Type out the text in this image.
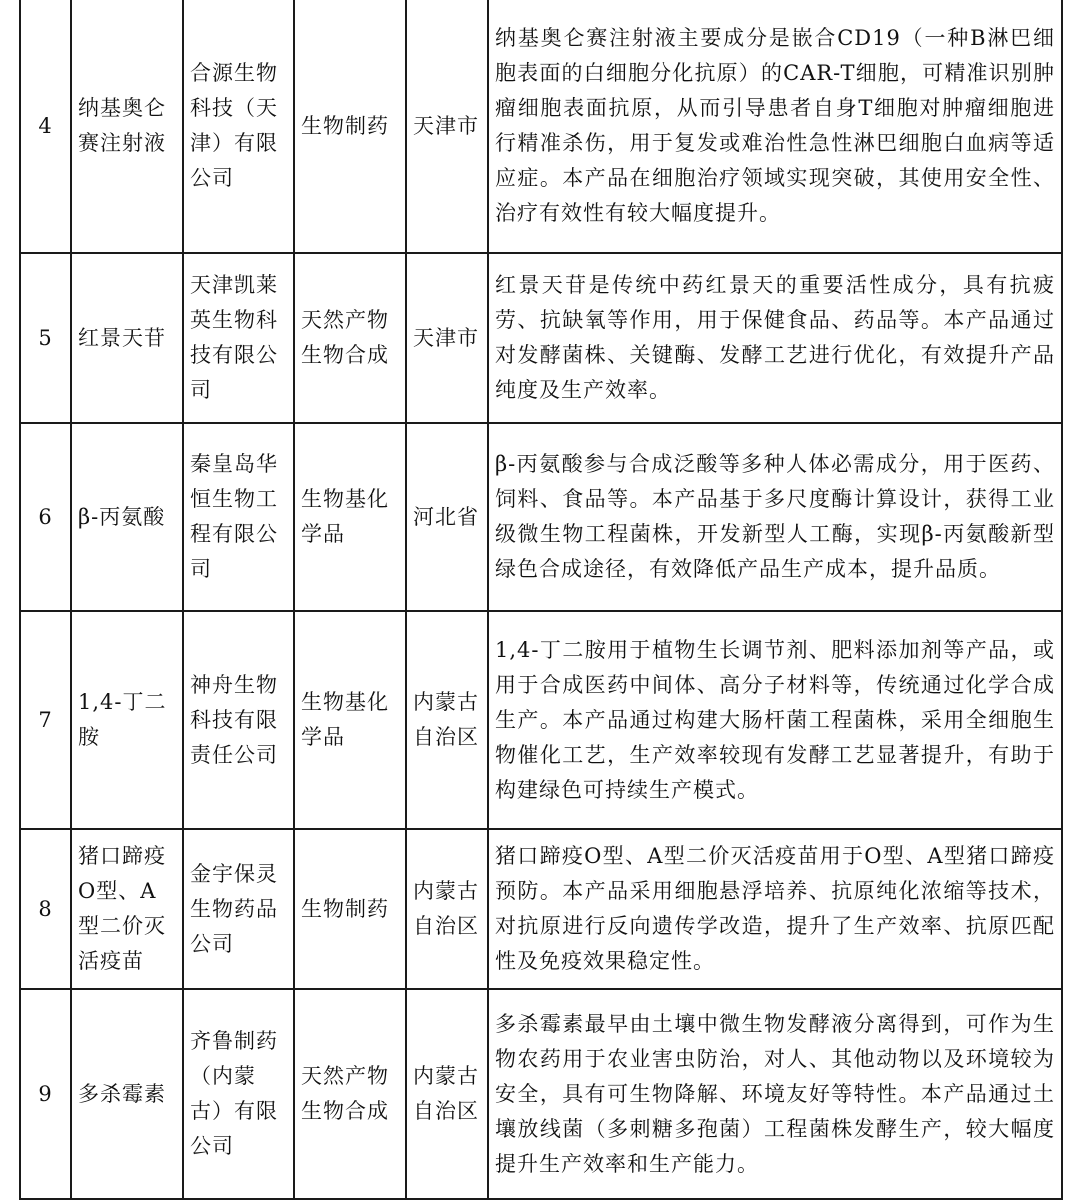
4	纳基奥仑赛注射液	合源生物科技（天津）有限公司	生物制药	天津市	纳基奥仑赛注射液主要成分是嵌合CD19（一种B淋巴细胞表面的白细胞分化抗原）的CAR-T细胞，可精准识别肿瘤细胞表面抗原，从而引导患者自身T细胞对肿瘤细胞进行精准杀伤，用于复发或难治性急性淋巴细胞白血病等适应症。本产品在细胞治疗领域实现突破，其使用安全性、治疗有效性有较大幅度提升。
5	红景天苷	天津凯莱英生物科技有限公司	天然产物生物合成	天津市	红景天苷是传统中药红景天的重要活性成分，具有抗疲劳、抗缺氧等作用，用于保健食品、药品等。本产品通过对发酵菌株、关键酶、发酵工艺进行优化，有效提升产品纯度及生产效率。
6	β-丙氨酸	秦皇岛华恒生物工程有限公司	生物基化学品	河北省	β-丙氨酸参与合成泛酸等多种人体必需成分，用于医药、饲料、食品等。本产品基于多尺度酶计算设计，获得工业级微生物工程菌株，开发新型人工酶，实现β-丙氨酸新型绿色合成途径，有效降低产品生产成本，提升品质。
7	1,4-丁二胺	神舟生物科技有限责任公司	生物基化学品	内蒙古自治区	1,4-丁二胺用于植物生长调节剂、肥料添加剂等产品，或用于合成医药中间体、高分子材料等，传统通过化学合成生产。本产品通过构建大肠杆菌工程菌株，采用全细胞生物催化工艺，生产效率较现有发酵工艺显著提升，有助于构建绿色可持续生产模式。
8	猪口蹄疫O型、A型二价灭活疫苗	金宇保灵生物药品公司	生物制药	内蒙古自治区	猪口蹄疫O型、A型二价灭活疫苗用于O型、A型猪口蹄疫预防。本产品采用细胞悬浮培养、抗原纯化浓缩等技术，对抗原进行反向遗传学改造，提升了生产效率、抗原匹配性及免疫效果稳定性。
9	多杀霉素	齐鲁制药（内蒙古）有限公司	天然产物生物合成	内蒙古自治区	多杀霉素最早由土壤中微生物发酵液分离得到，可作为生物农药用于农业害虫防治，对人、其他动物以及环境较为安全，具有可生物降解、环境友好等特性。本产品通过土壤放线菌（多刺糖多孢菌）工程菌株发酵生产，较大幅度提升生产效率和生产能力。
